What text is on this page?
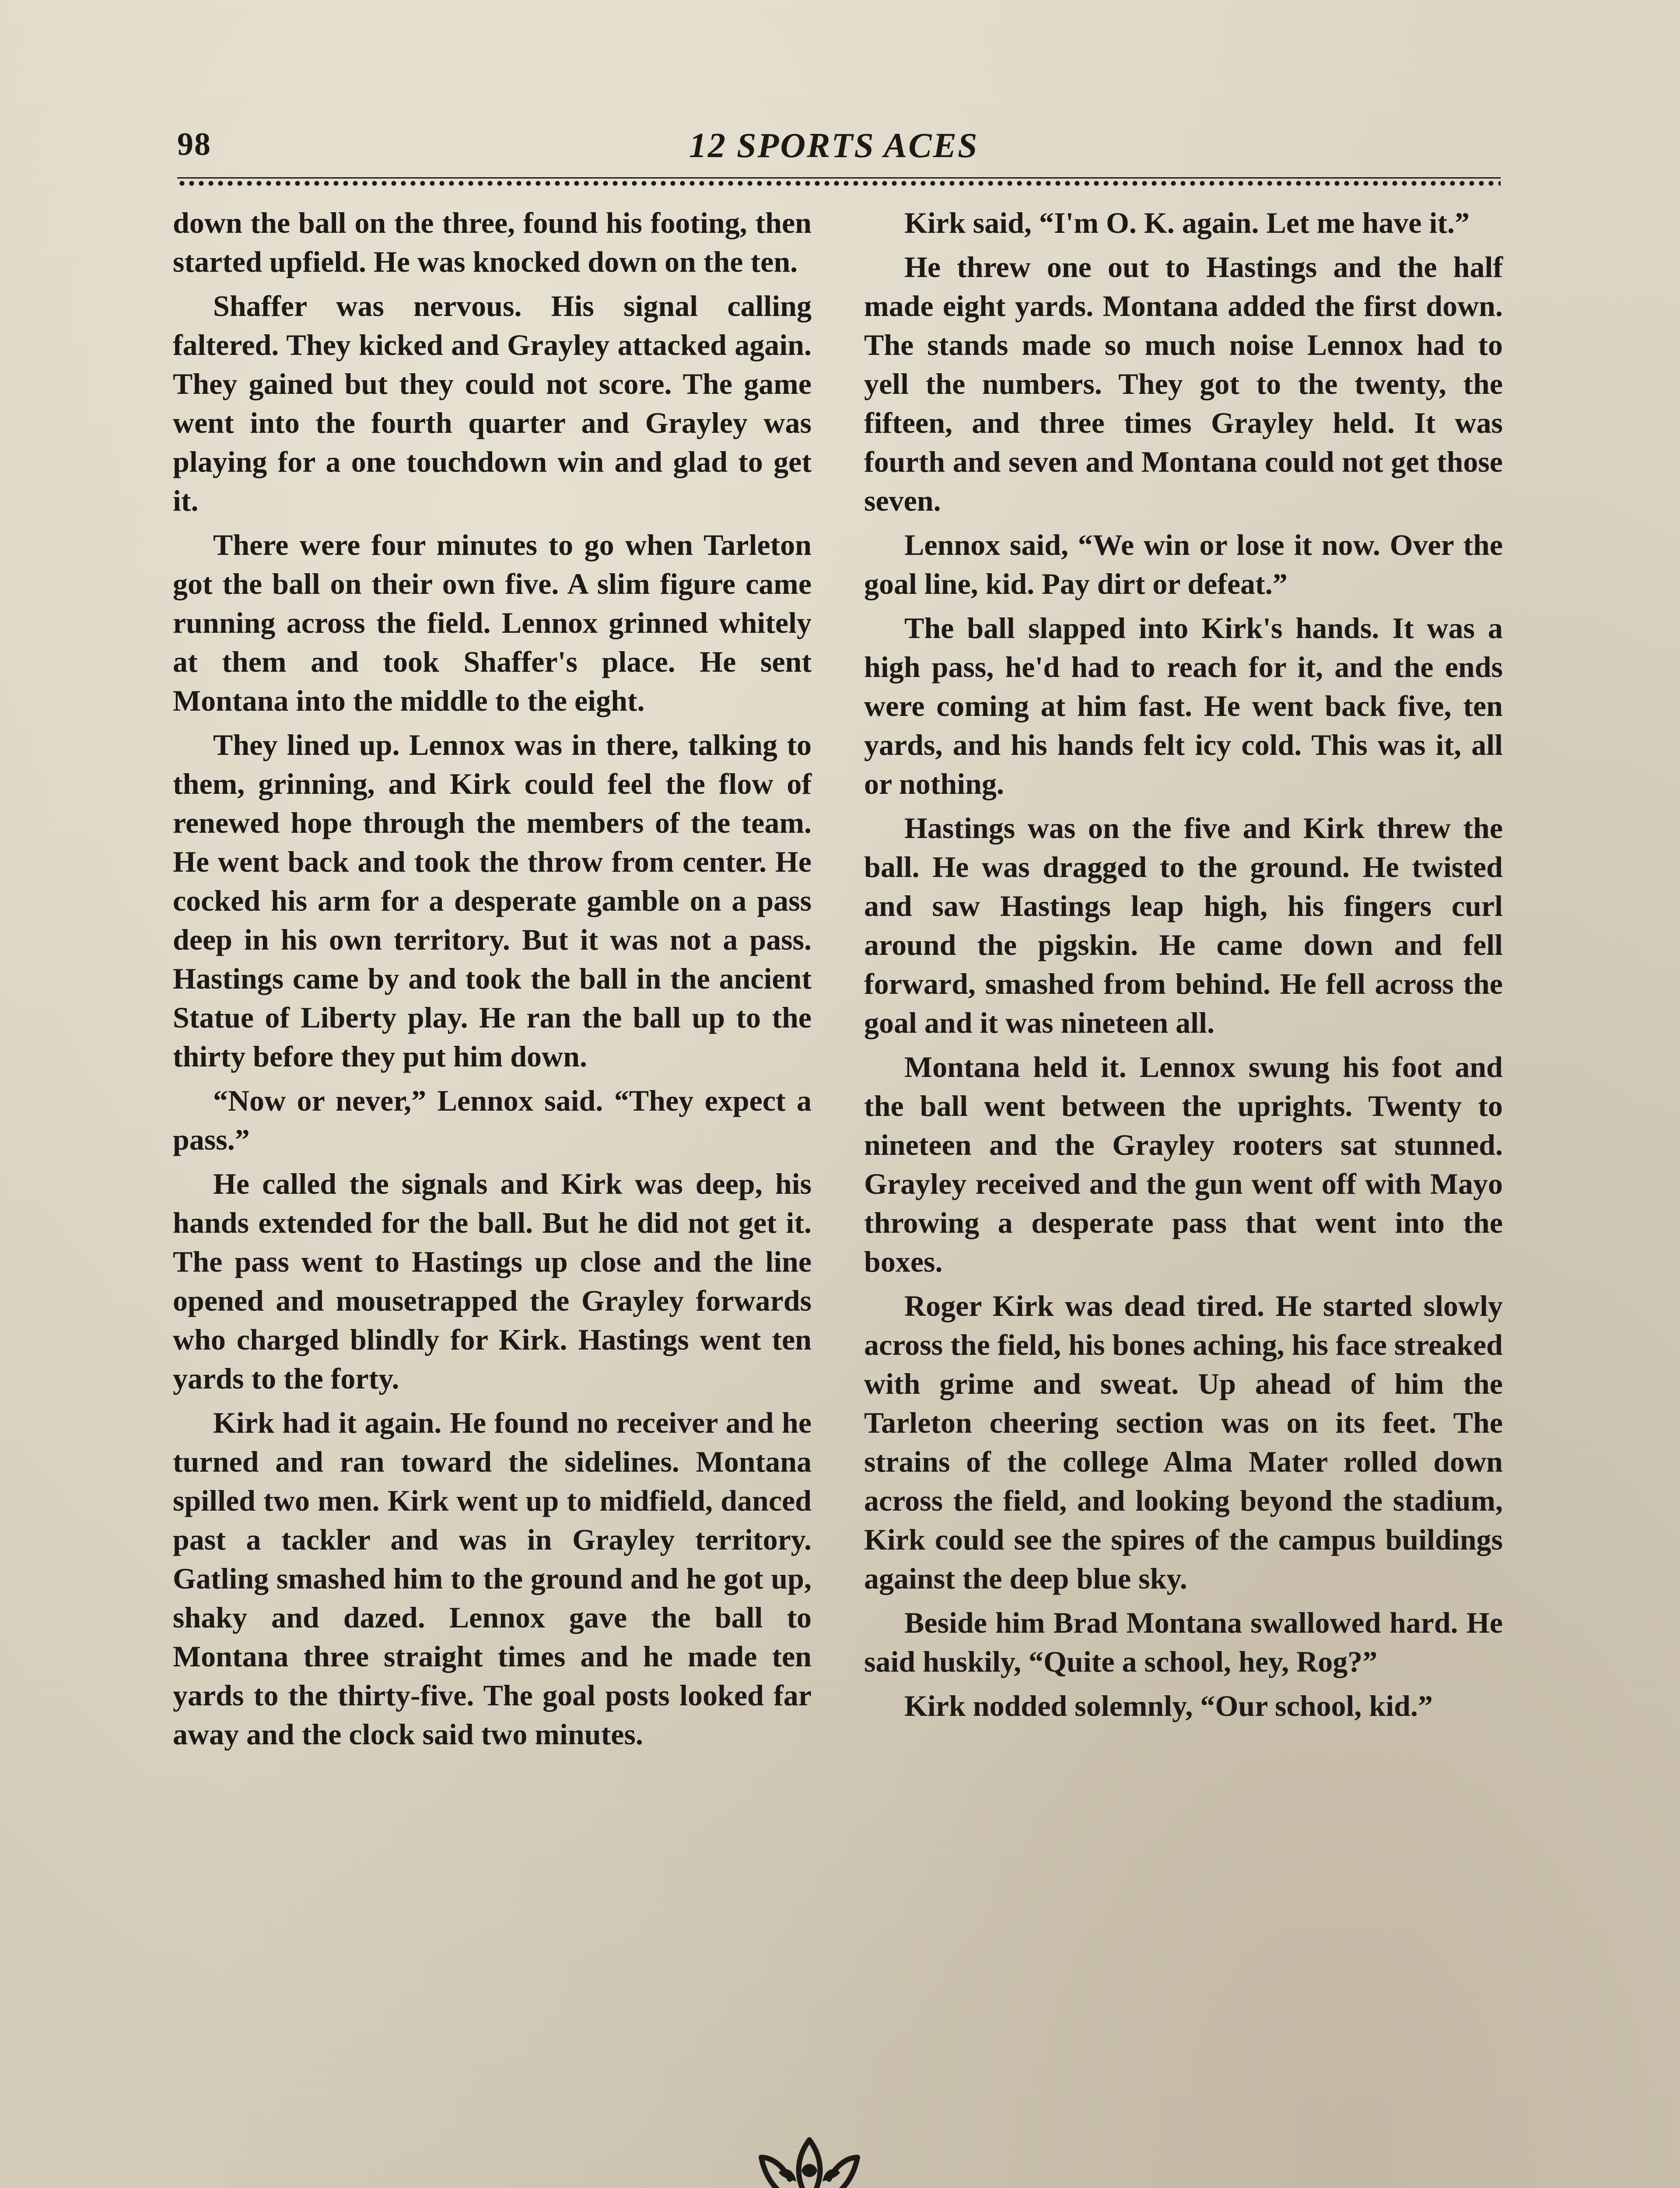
98	12 SPORTS ACES

down the ball on the three, found his footing, then started upfield. He was knocked down on the ten.

Shaffer was nervous. His signal calling faltered. They kicked and Grayley attacked again. They gained but they could not score. The game went into the fourth quarter and Grayley was playing for a one touchdown win and glad to get it.

There were four minutes to go when Tarleton got the ball on their own five. A slim figure came running across the field. Lennox grinned whitely at them and took Shaffer's place. He sent Montana into the middle to the eight.

They lined up. Lennox was in there, talking to them, grinning, and Kirk could feel the flow of renewed hope through the members of the team. He went back and took the throw from center. He cocked his arm for a desperate gamble on a pass deep in his own territory. But it was not a pass. Hastings came by and took the ball in the ancient Statue of Liberty play. He ran the ball up to the thirty before they put him down.

“Now or never,” Lennox said. “They expect a pass.”

He called the signals and Kirk was deep, his hands extended for the ball. But he did not get it. The pass went to Hastings up close and the line opened and mousetrapped the Grayley forwards who charged blindly for Kirk. Hastings went ten yards to the forty.

Kirk had it again. He found no receiver and he turned and ran toward the sidelines. Montana spilled two men. Kirk went up to midfield, danced past a tackler and was in Grayley territory. Gatling smashed him to the ground and he got up, shaky and dazed. Lennox gave the ball to Montana three straight times and he made ten yards to the thirty-five. The goal posts looked far away and the clock said two minutes.

Kirk said, “I'm O. K. again. Let me have it.”

He threw one out to Hastings and the half made eight yards. Montana added the first down. The stands made so much noise Lennox had to yell the numbers. They got to the twenty, the fifteen, and three times Grayley held. It was fourth and seven and Montana could not get those seven.

Lennox said, “We win or lose it now. Over the goal line, kid. Pay dirt or defeat.”

The ball slapped into Kirk's hands. It was a high pass, he'd had to reach for it, and the ends were coming at him fast. He went back five, ten yards, and his hands felt icy cold. This was it, all or nothing.

Hastings was on the five and Kirk threw the ball. He was dragged to the ground. He twisted and saw Hastings leap high, his fingers curl around the pigskin. He came down and fell forward, smashed from behind. He fell across the goal and it was nineteen all.

Montana held it. Lennox swung his foot and the ball went between the uprights. Twenty to nineteen and the Grayley rooters sat stunned. Grayley received and the gun went off with Mayo throwing a desperate pass that went into the boxes.

Roger Kirk was dead tired. He started slowly across the field, his bones aching, his face streaked with grime and sweat. Up ahead of him the Tarleton cheering section was on its feet. The strains of the college Alma Mater rolled down across the field, and looking beyond the stadium, Kirk could see the spires of the campus buildings against the deep blue sky.

Beside him Brad Montana swallowed hard. He said huskily, “Quite a school, hey, Rog?”

Kirk nodded solemnly, “Our school, kid.”
